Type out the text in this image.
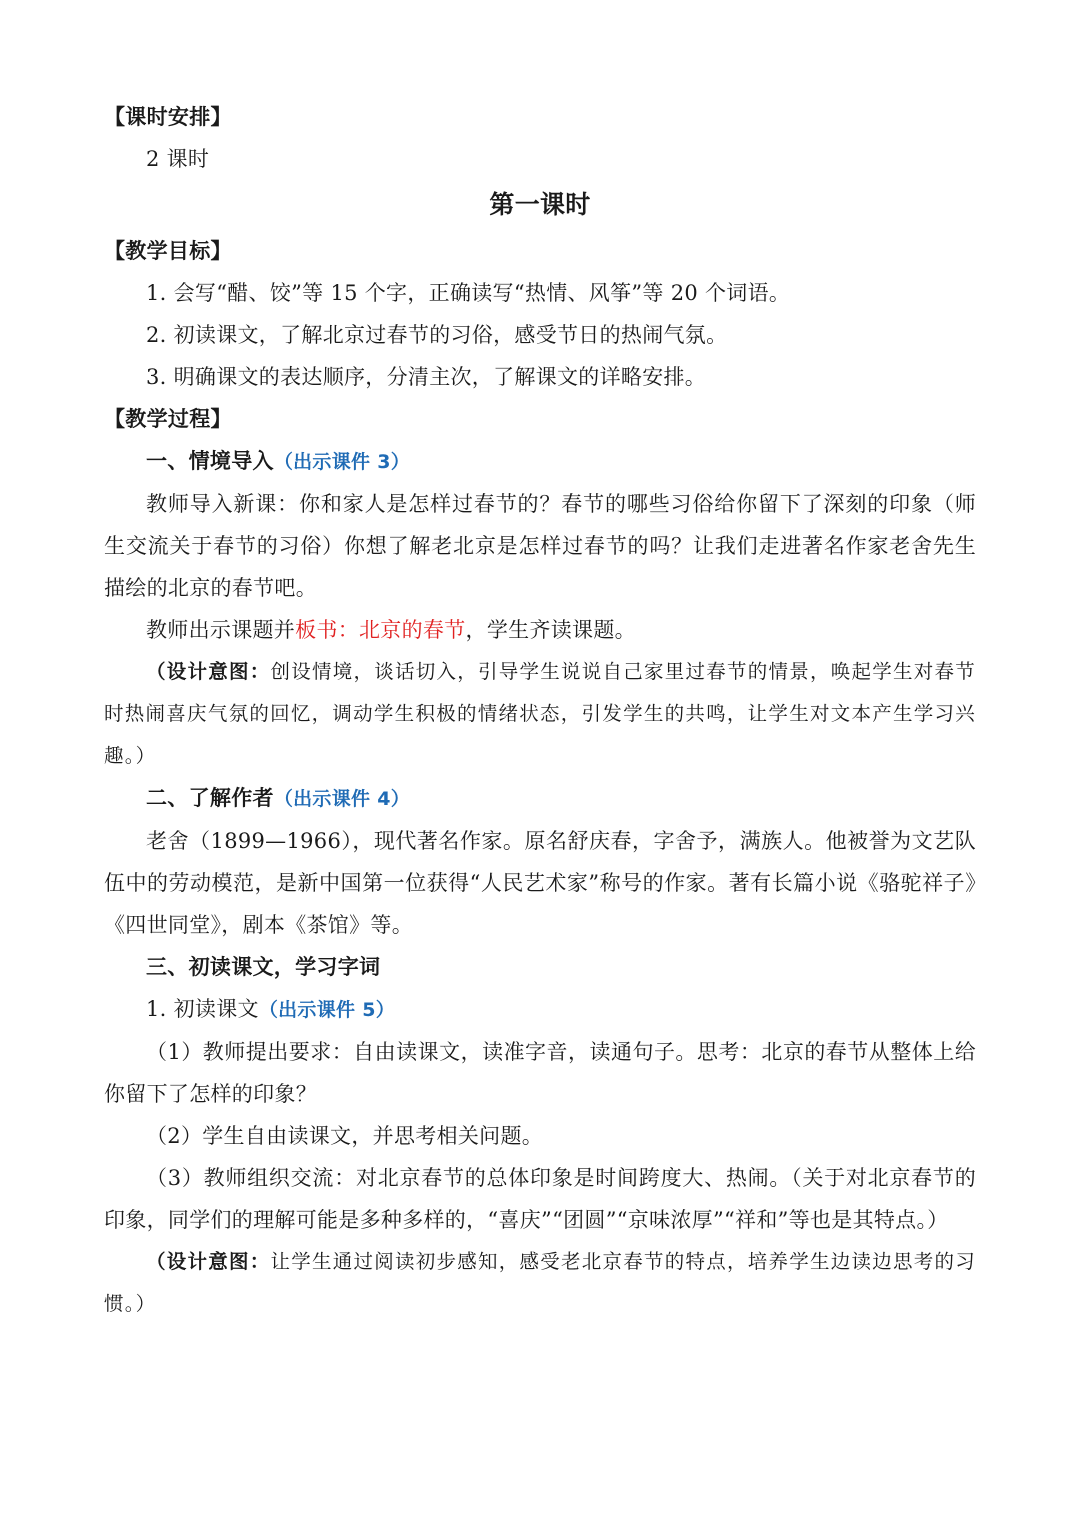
【课时安排】

2 课时

第一课时

【教学目标】

1. 会写“醋、饺”等 15 个字，正确读写“热情、风筝”等 20 个词语。

2. 初读课文，了解北京过春节的习俗，感受节日的热闹气氛。

3. 明确课文的表达顺序，分清主次，了解课文的详略安排。

【教学过程】

一、情境导入（出示课件 3）

教师导入新课：你和家人是怎样过春节的？春节的哪些习俗给你留下了深刻的印象（师生交流关于春节的习俗）你想了解老北京是怎样过春节的吗？让我们走进著名作家老舍先生描绘的北京的春节吧。

教师出示课题并板书：北京的春节，学生齐读课题。

（设计意图：创设情境，谈话切入，引导学生说说自己家里过春节的情景，唤起学生对春节时热闹喜庆气氛的回忆，调动学生积极的情绪状态，引发学生的共鸣，让学生对文本产生学习兴趣。）

二、了解作者（出示课件 4）

老舍（1899—1966），现代著名作家。原名舒庆春，字舍予，满族人。他被誉为文艺队伍中的劳动模范，是新中国第一位获得“人民艺术家”称号的作家。著有长篇小说《骆驼祥子》《四世同堂》，剧本《茶馆》等。

三、初读课文，学习字词

1. 初读课文（出示课件 5）

（1）教师提出要求：自由读课文，读准字音，读通句子。思考：北京的春节从整体上给你留下了怎样的印象？

（2）学生自由读课文，并思考相关问题。

（3）教师组织交流：对北京春节的总体印象是时间跨度大、热闹。（关于对北京春节的印象，同学们的理解可能是多种多样的，“喜庆”“团圆”“京味浓厚”“祥和”等也是其特点。）

（设计意图：让学生通过阅读初步感知，感受老北京春节的特点，培养学生边读边思考的习惯。）
